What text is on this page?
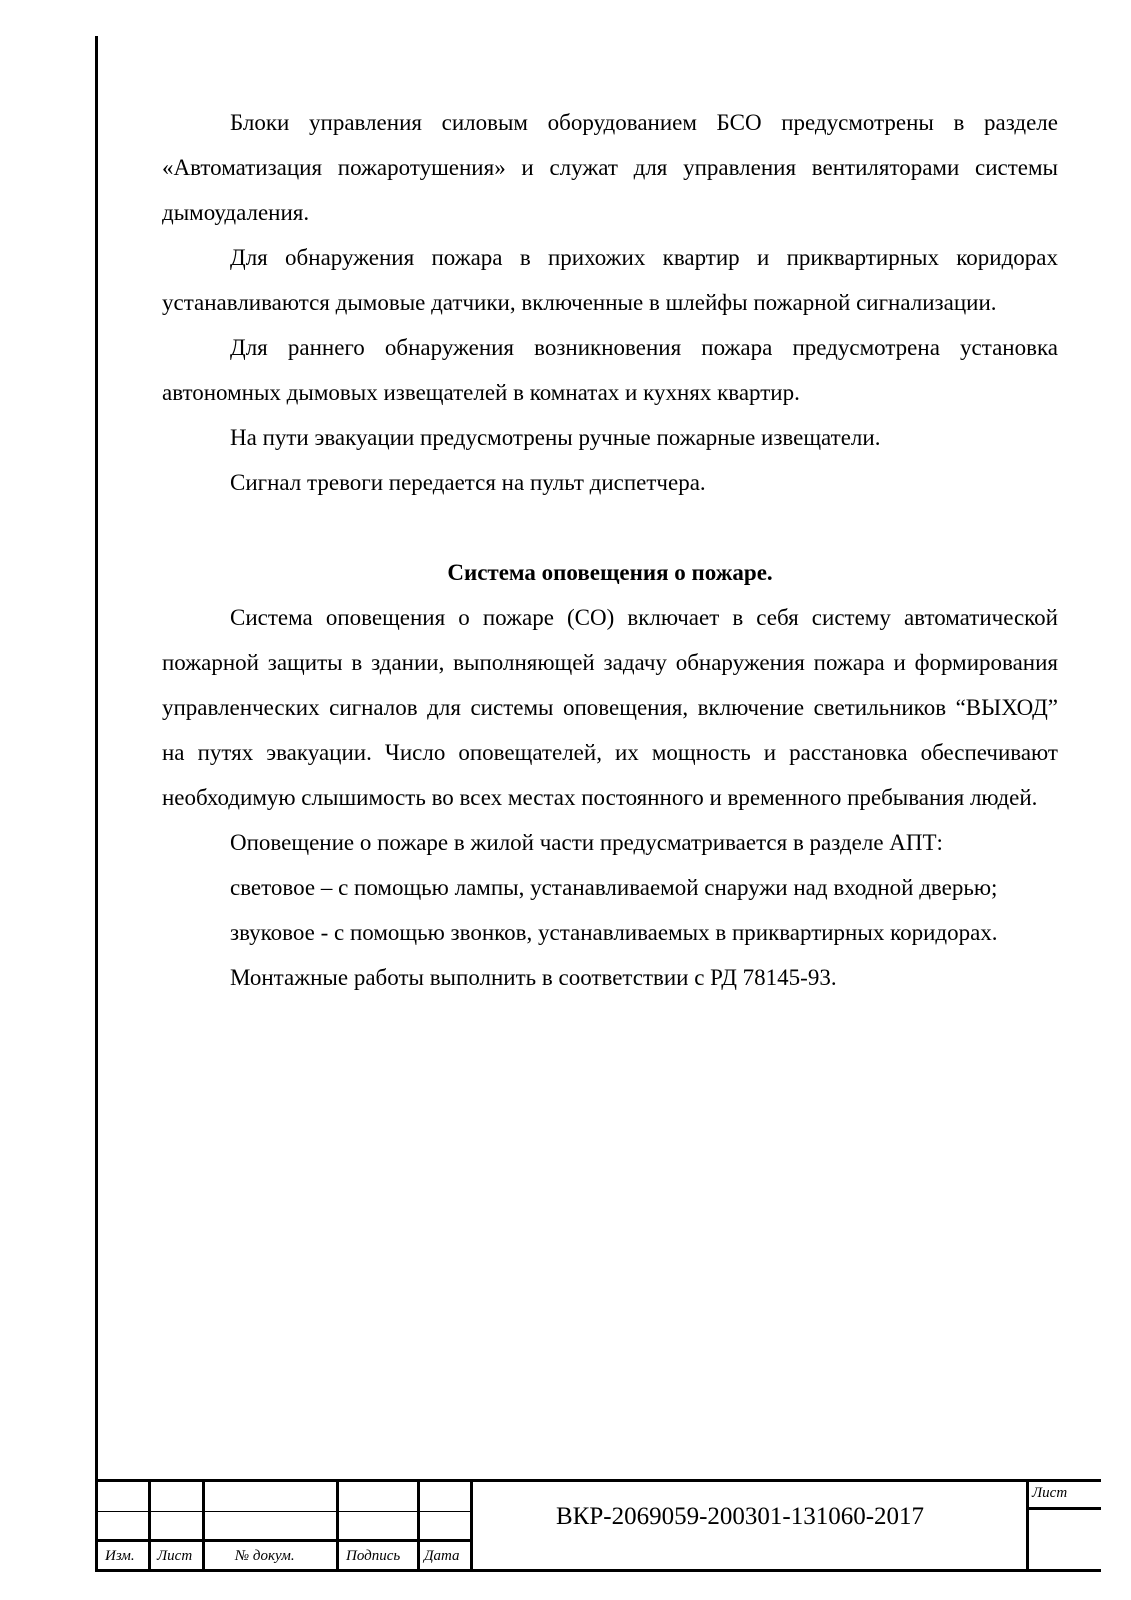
Блоки управления силовым оборудованием БСО предусмотрены в разделе «Автоматизация пожаротушения» и служат для управления вентиляторами системы дымоудаления.

Для обнаружения пожара в прихожих квартир и приквартирных коридорах устанавливаются дымовые датчики, включенные в шлейфы пожарной сигнализации.

Для раннего обнаружения возникновения пожара предусмотрена установка автономных дымовых извещателей в комнатах и кухнях квартир.

На пути эвакуации предусмотрены ручные пожарные извещатели.

Сигнал тревоги передается на пульт диспетчера.

Система оповещения о пожаре.

Система оповещения о пожаре (СО) включает в себя систему автоматической пожарной защиты в здании, выполняющей задачу обнаружения пожара и формирования управленческих сигналов для системы оповещения, включение светильников “ВЫХОД” на путях эвакуации. Число оповещателей, их мощность и расстановка обеспечивают необходимую слышимость во всех местах постоянного и временного пребывания людей.

Оповещение о пожаре в жилой части предусматривается в разделе АПТ:

световое – с помощью лампы, устанавливаемой снаружи над входной дверью;

звуковое - с помощью звонков, устанавливаемых в приквартирных коридорах.

Монтажные работы выполнить в соответствии с РД 78145-93.

Изм. Лист	№ докум.	Подпись Дата
ВКР-2069059-200301-131060-2017
Лист
